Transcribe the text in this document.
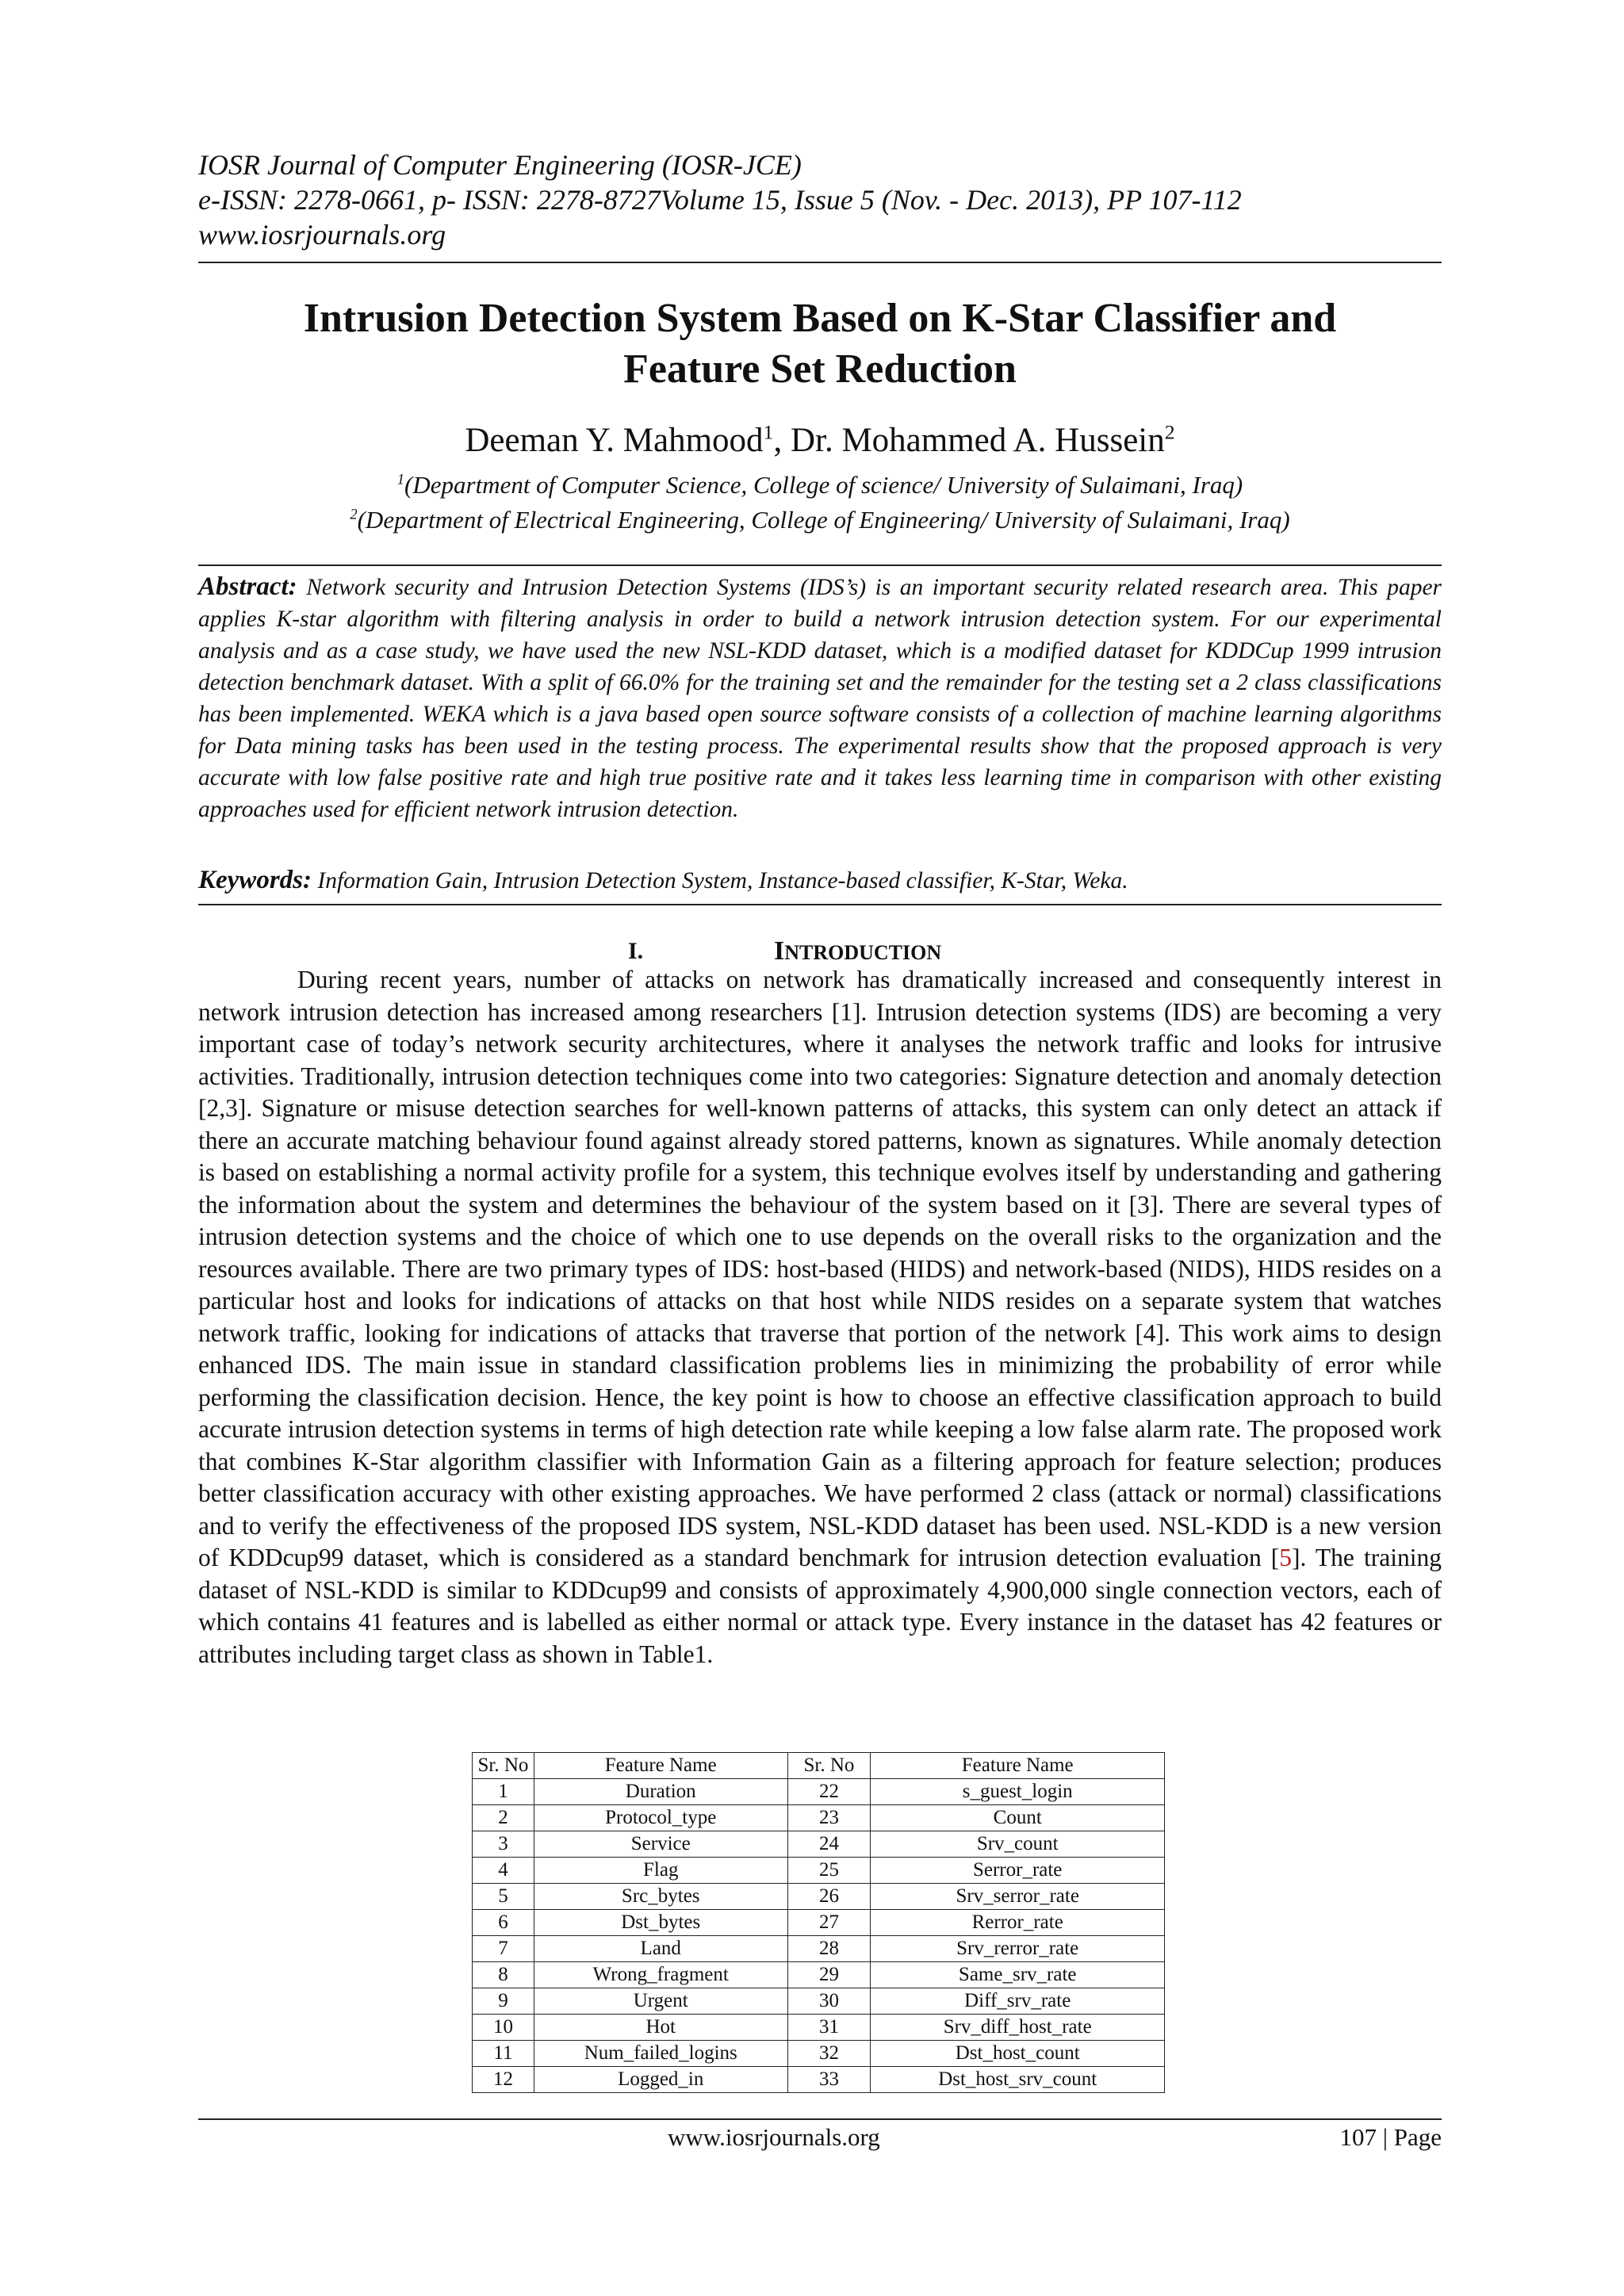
IOSR Journal of Computer Engineering (IOSR-JCE)
e-ISSN: 2278-0661, p- ISSN: 2278-8727Volume 15, Issue 5 (Nov. - Dec. 2013), PP 107-112
www.iosrjournals.org
Intrusion Detection System Based on K-Star Classifier and
Feature Set Reduction
Deeman Y. Mahmood$^1$, Dr. Mohammed A. Hussein$^2$
$^1$(Department of Computer Science, College of science/ University of Sulaimani, Iraq)
$^2$(Department of Electrical Engineering, College of Engineering/ University of Sulaimani, Iraq)
Abstract: Network security and Intrusion Detection Systems (IDS’s) is an important security related research area. This paper applies K-star algorithm with filtering analysis in order to build a network intrusion detection system. For our experimental analysis and as a case study, we have used the new NSL-KDD dataset, which is a modified dataset for KDDCup 1999 intrusion detection benchmark dataset. With a split of 66.0% for the training set and the remainder for the testing set a 2 class classifications has been implemented. WEKA which is a java based open source software consists of a collection of machine learning algorithms for Data mining tasks has been used in the testing process. The experimental results show that the proposed approach is very accurate with low false positive rate and high true positive rate and it takes less learning time in comparison with other existing approaches used for efficient network intrusion detection.
Keywords: Information Gain, Intrusion Detection System, Instance-based classifier, K-Star, Weka.
I.	INTRODUCTION

During recent years, number of attacks on network has dramatically increased and consequently interest in network intrusion detection has increased among researchers [1]. Intrusion detection systems (IDS) are becoming a very important case of today’s network security architectures, where it analyses the network traffic and looks for intrusive activities. Traditionally, intrusion detection techniques come into two categories: Signature detection and anomaly detection [2,3]. Signature or misuse detection searches for well-known patterns of attacks, this system can only detect an attack if there an accurate matching behaviour found against already stored patterns, known as signatures. While anomaly detection is based on establishing a normal activity profile for a system, this technique evolves itself by understanding and gathering the information about the system and determines the behaviour of the system based on it [3]. There are several types of intrusion detection systems and the choice of which one to use depends on the overall risks to the organization and the resources available. There are two primary types of IDS: host-based (HIDS) and network-based (NIDS), HIDS resides on a particular host and looks for indications of attacks on that host while NIDS resides on a separate system that watches network traffic, looking for indications of attacks that traverse that portion of the network [4]. This work aims to design enhanced IDS. The main issue in standard classification problems lies in minimizing the probability of error while performing the classification decision. Hence, the key point is how to choose an effective classification approach to build accurate intrusion detection systems in terms of high detection rate while keeping a low false alarm rate. The proposed work that combines K-Star algorithm classifier with Information Gain as a filtering approach for feature selection; produces better classification accuracy with other existing approaches. We have performed 2 class (attack or normal) classifications and to verify the effectiveness of the proposed IDS system, NSL-KDD dataset has been used. NSL-KDD is a new version of KDDcup99 dataset, which is considered as a standard benchmark for intrusion detection evaluation [5]. The training dataset of NSL-KDD is similar to KDDcup99 and consists of approximately 4,900,000 single connection vectors, each of which contains 41 features and is labelled as either normal or attack type. Every instance in the dataset has 42 features or attributes including target class as shown in Table1.

Sr. No	Feature Name	Sr. No	Feature Name
1	Duration	22	s_guest_login
2	Protocol_type	23	Count
3	Service	24	Srv_count
4	Flag	25	Serror_rate
5	Src_bytes	26	Srv_serror_rate
6	Dst_bytes	27	Rerror_rate
7	Land	28	Srv_rerror_rate
8	Wrong_fragment	29	Same_srv_rate
9	Urgent	30	Diff_srv_rate
10	Hot	31	Srv_diff_host_rate
11	Num_failed_logins	32	Dst_host_count
12	Logged_in	33	Dst_host_srv_count
www.iosrjournals.org	107 | Page
